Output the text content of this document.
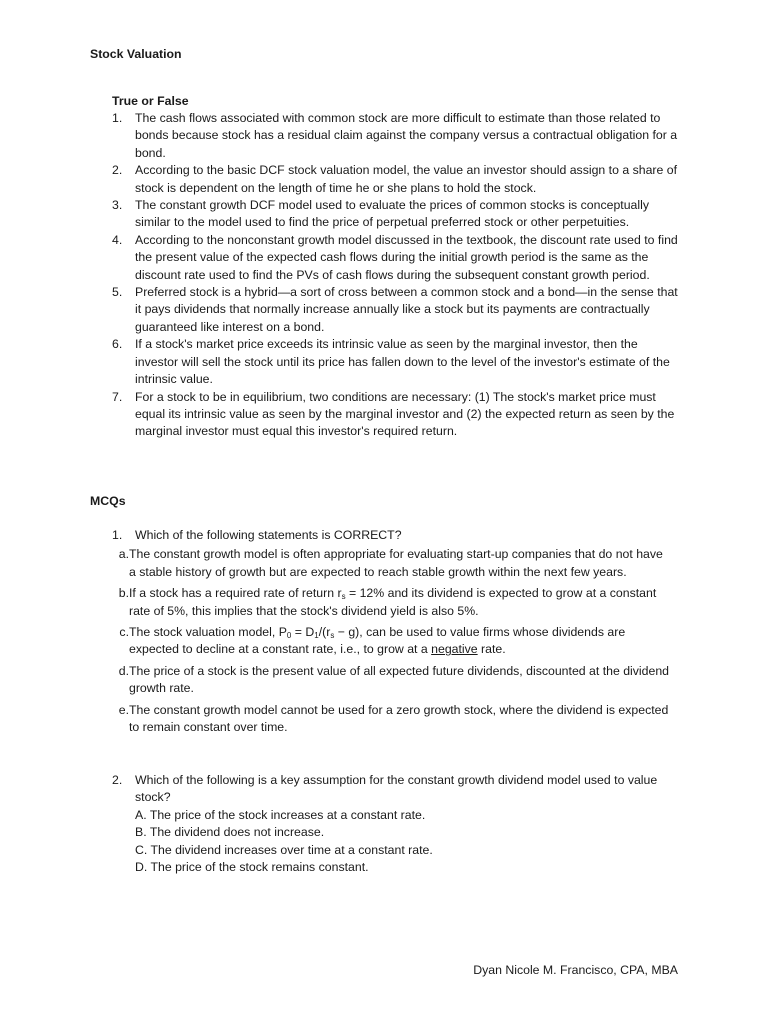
Stock Valuation
True or False
1.	The cash flows associated with common stock are more difficult to estimate than those related to bonds because stock has a residual claim against the company versus a contractual obligation for a bond.
2.	According to the basic DCF stock valuation model, the value an investor should assign to a share of stock is dependent on the length of time he or she plans to hold the stock.
3.	The constant growth DCF model used to evaluate the prices of common stocks is conceptually similar to the model used to find the price of perpetual preferred stock or other perpetuities.
4.	According to the nonconstant growth model discussed in the textbook, the discount rate used to find the present value of the expected cash flows during the initial growth period is the same as the discount rate used to find the PVs of cash flows during the subsequent constant growth period.
5.	Preferred stock is a hybrid—a sort of cross between a common stock and a bond—in the sense that it pays dividends that normally increase annually like a stock but its payments are contractually guaranteed like interest on a bond.
6.	If a stock's market price exceeds its intrinsic value as seen by the marginal investor, then the investor will sell the stock until its price has fallen down to the level of the investor's estimate of the intrinsic value.
7.	For a stock to be in equilibrium, two conditions are necessary: (1) The stock's market price must equal its intrinsic value as seen by the marginal investor and (2) the expected return as seen by the marginal investor must equal this investor's required return.
MCQs
1.	Which of the following statements is CORRECT?
a. The constant growth model is often appropriate for evaluating start-up companies that do not have a stable history of growth but are expected to reach stable growth within the next few years.
b. If a stock has a required rate of return $r_s = 12\%$ and its dividend is expected to grow at a constant rate of 5%, this implies that the stock's dividend yield is also 5%.
c. The stock valuation model, $P_0 = D_1/(r_s - g)$, can be used to value firms whose dividends are expected to decline at a constant rate, i.e., to grow at a negative rate.
d. The price of a stock is the present value of all expected future dividends, discounted at the dividend growth rate.
e. The constant growth model cannot be used for a zero growth stock, where the dividend is expected to remain constant over time.
2.	Which of the following is a key assumption for the constant growth dividend model used to value stock?
A. The price of the stock increases at a constant rate.
B. The dividend does not increase.
C. The dividend increases over time at a constant rate.
D. The price of the stock remains constant.
Dyan Nicole M. Francisco, CPA, MBA
